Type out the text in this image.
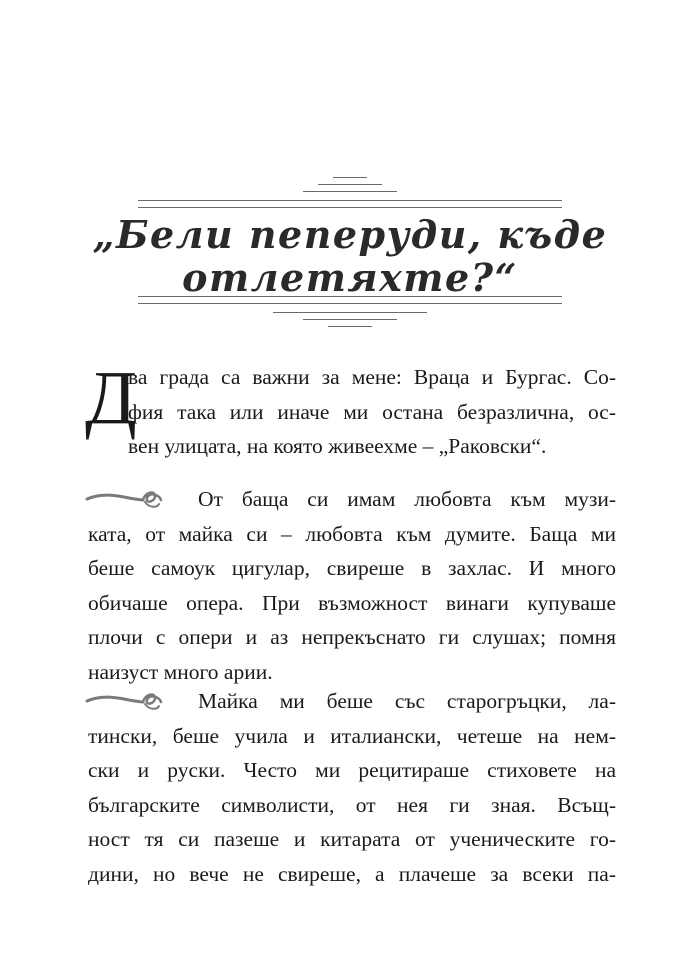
„Бели пеперуди, къде
отлетяхте?“
Д

ва града са важни за мене: Враца и Бургас. Со-
фия така или иначе ми остана безразлична, ос-
вен улицата, на която живеехме – „Раковски“.

От баща си имам любовта към музи-
ката, от майка си – любовта към думите. Баща ми
беше самоук цигулар, свиреше в захлас. И много
обичаше опера. При възможност винаги купуваше
плочи с опери и аз непрекъснато ги слушах; помня
наизуст много арии.

Майка ми беше със старогръцки, ла-
тински, беше учила и италиански, четеше на нем-
ски и руски. Често ми рецитираше стиховете на
българските символисти, от нея ги зная. Всъщ-
ност тя си пазеше и китарата от ученическите го-
дини, но вече не свиреше, а плачеше за всеки па-
